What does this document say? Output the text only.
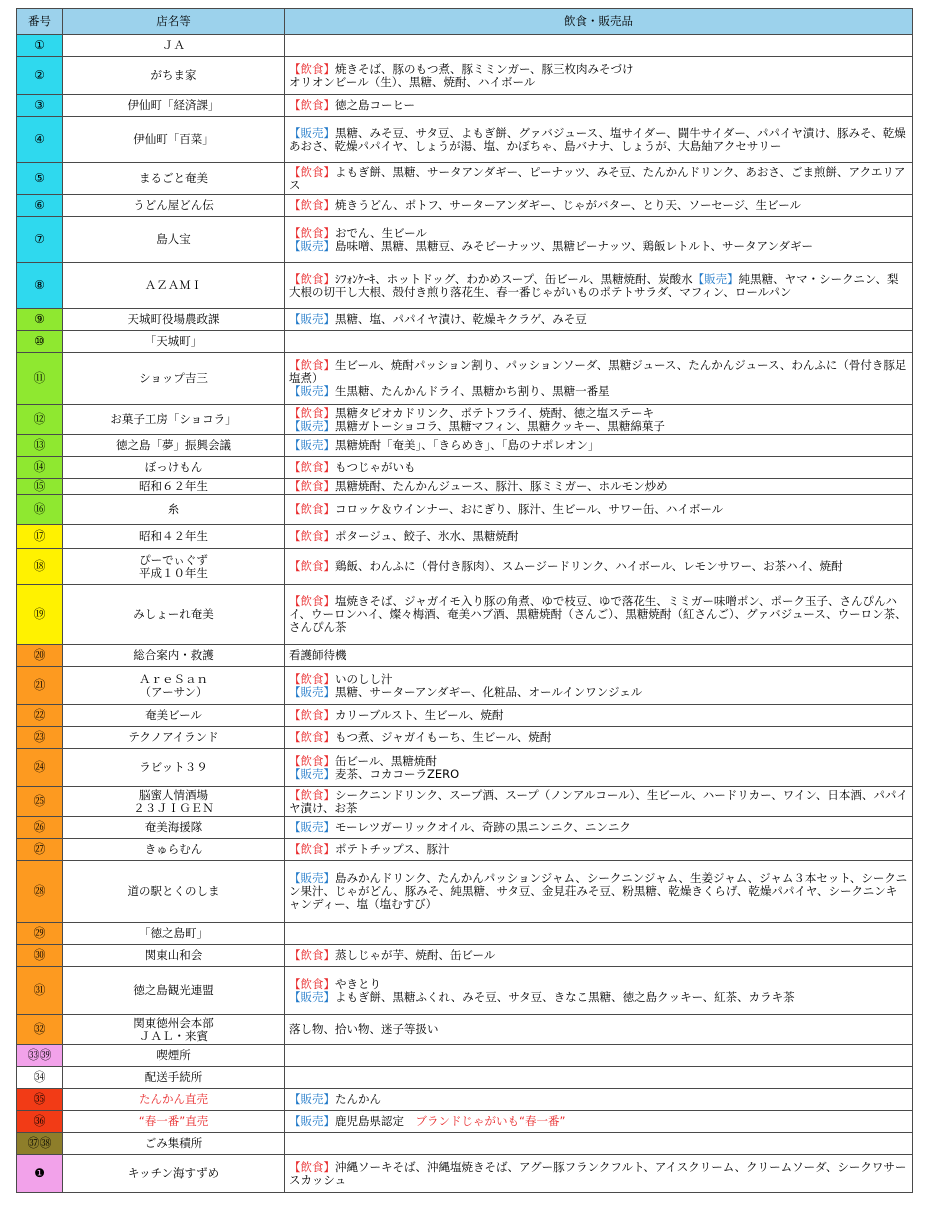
番号	店名等	飲食・販売品
①	ＪＡ	

②	がちま家	【飲食】焼きそば、豚のもつ煮、豚ミミンガー、豚三枚肉みそづけ
オリオンビール（生）、黒糖、焼酎、ハイボール

③	伊仙町「経済課」	【飲食】徳之島コーヒー

④	伊仙町「百菜」	【販売】黒糖、みそ豆、サタ豆、よもぎ餅、グァバジュース、塩サイダー、闘牛サイダー、パパイヤ漬け、豚みそ、乾燥あおさ、乾燥パパイヤ、しょうが湯、塩、かぼちゃ、島バナナ、しょうが、大島紬アクセサリー

⑤	まるごと奄美	【飲食】よもぎ餅、黒糖、サータアンダギー、ピーナッツ、みそ豆、たんかんドリンク、あおさ、ごま煎餅、アクエリアス

⑥	うどん屋どん伝	【飲食】焼きうどん、ポトフ、サーターアンダギー、じゃがバター、とり天、ソーセージ、生ビール

⑦	島人宝	【飲食】おでん、生ビール
【販売】島味噌、黒糖、黒糖豆、みそピーナッツ、黒糖ピーナッツ、鶏飯レトルト、サータアンダギー

⑧	ＡＺＡＭＩ	【飲食】ｼﾌｫﾝｹｰｷ、ホットドッグ、わかめスープ、缶ビール、黒糖焼酎、炭酸水【販売】純黒糖、ヤマ・シークニン、梨大根の切干し大根、殻付き煎り落花生、春一番じゃがいものポテトサラダ、マフィン、ロールパン

⑨	天城町役場農政課	【販売】黒糖、塩、パパイヤ漬け、乾燥キクラゲ、みそ豆

⑩	「天城町」	

⑪	ショップ吉三	【飲食】生ビール、焼酎パッション割り、パッションソーダ、黒糖ジュース、たんかんジュース、わんふに（骨付き豚足塩煮）
【販売】生黒糖、たんかんドライ、黒糖かち割り、黒糖一番星

⑫	お菓子工房「ショコラ」	【飲食】黒糖タピオカドリンク、ポテトフライ、焼酎、徳之塩ステーキ
【販売】黒糖ガトーショコラ、黒糖マフィン、黒糖クッキー、黒糖綿菓子

⑬	徳之島「夢」振興会議	【販売】黒糖焼酎「奄美」、「きらめき」、「島のナポレオン」

⑭	ぼっけもん	【飲食】もつじゃがいも

⑮	昭和６２年生	【飲食】黒糖焼酎、たんかんジュース、豚汁、豚ミミガー、ホルモン炒め

⑯	糸	【飲食】コロッケ＆ウインナー、おにぎり、豚汁、生ビール、サワー缶、ハイボール

⑰	昭和４２年生	【飲食】ポタージュ、餃子、氷水、黒糖焼酎

⑱	ぴーでぃぐず
平成１０年生	【飲食】鶏飯、わんふに（骨付き豚肉）、スムージードリンク、ハイボール、レモンサワー、お茶ハイ、焼酎

⑲	みしょーれ奄美	【飲食】塩焼きそば、ジャガイモ入り豚の角煮、ゆで枝豆、ゆで落花生、ミミガー味噌ポン、ポーク玉子、さんぴんハイ、ウーロンハイ、燦々梅酒、奄美ハブ酒、黒糖焼酎（さんご）、黒糖焼酎（紅さんご）、グァバジュース、ウーロン茶、さんぴん茶

⑳	総合案内・救護	看護師待機

㉑	ＡｒｅＳａｎ
（アーサン）	【飲食】いのしし汁
【販売】黒糖、サーターアンダギー、化粧品、オールインワンジェル

㉒	奄美ビール	【飲食】カリーブルスト、生ビール、焼酎

㉓	テクノアイランド	【飲食】もつ煮、ジャガイもーち、生ビール、焼酎

㉔	ラビット３９	【飲食】缶ビール、黒糖焼酎
【販売】麦茶、コカコーラZERO

㉕	脳蜜人情酒場
２３ＪＩＧＥＮ	【飲食】シークニンドリンク、スープ酒、スープ（ノンアルコール）、生ビール、ハードリカー、ワイン、日本酒、パパイヤ漬け、お茶

㉖	奄美海援隊	【販売】モーレツガーリックオイル、奇跡の黒ニンニク、ニンニク

㉗	きゅらむん	【飲食】ポテトチップス、豚汁

㉘	道の駅とくのしま	【販売】島みかんドリンク、たんかんパッションジャム、シークニンジャム、生姜ジャム、ジャム３本セット、シークニン果汁、じゃがどん、豚みそ、純黒糖、サタ豆、金見荘みそ豆、粉黒糖、乾燥きくらげ、乾燥パパイヤ、シークニンキャンディー、塩（塩むすび）

㉙	「徳之島町」	

㉚	関東山和会	【飲食】蒸しじゃが芋、焼酎、缶ビール

㉛	徳之島観光連盟	【飲食】やきとり
【販売】よもぎ餅、黒糖ふくれ、みそ豆、サタ豆、きなこ黒糖、徳之島クッキー、紅茶、カラキ茶

㉜	関東徳州会本部
ＪＡＬ・来賓	落し物、拾い物、迷子等扱い

㉝㊴	喫煙所	

㉞	配送手続所	

㉟	たんかん直売	【販売】たんかん

㊱	“春一番”直売	【販売】鹿児島県認定　ブランドじゃがいも“春一番”

㊲㊳	ごみ集積所	

❶	キッチン海すずめ	【飲食】沖縄ソーキそば、沖縄塩焼きそば、アグー豚フランクフルト、アイスクリーム、クリームソーダ、シークワサースカッシュ
